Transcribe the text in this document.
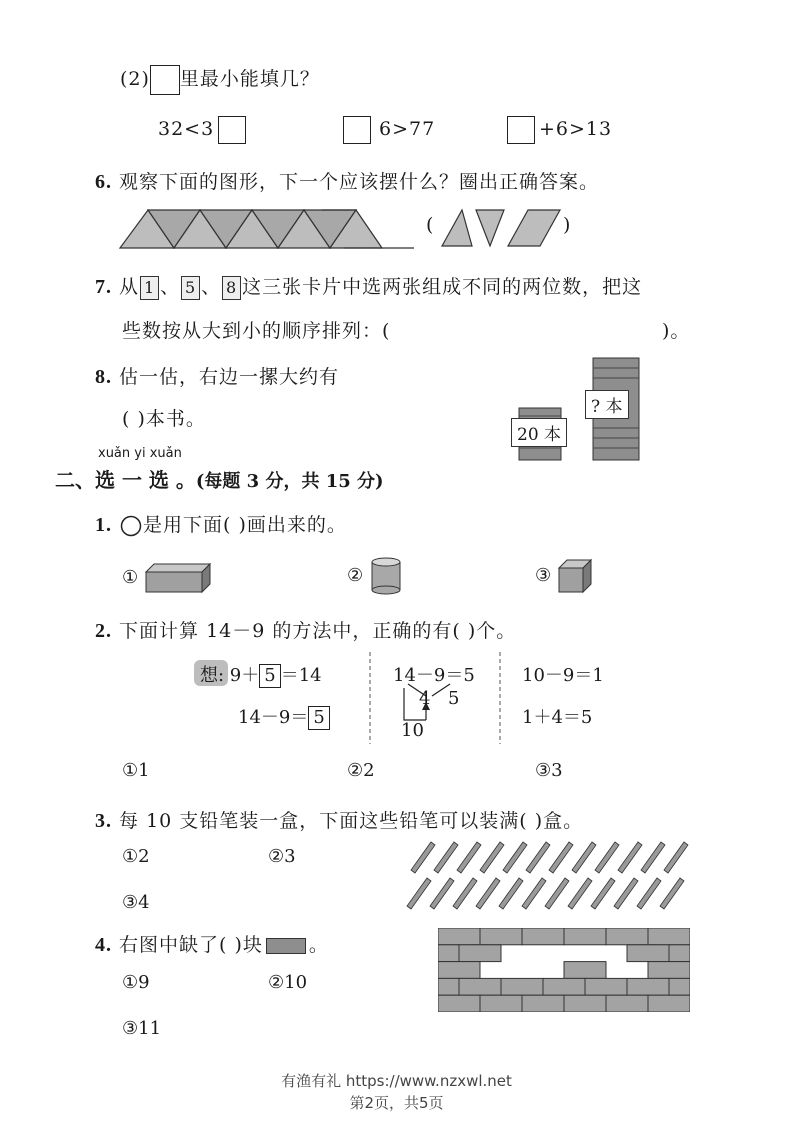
(2) 里最小能填几？
32<3	6>77	+6>13
6. 观察下面的图形，下一个应该摆什么？圈出正确答案。
(	)
7. 从 1 、 5 、 8 这三张卡片中选两张组成不同的两位数，把这
些数按从大到小的顺序排列：(	)。
8. 估一估，右边一摞大约有
( )本书。
20 本
? 本
xuǎn yi xuǎn
二、选 一 选 。(每题 3 分，共 15 分)
1. 是用下面( )画出来的。
①	②	③
2. 下面计算 14－9 的方法中，正确的有( )个。
想: 9＋ 5 ＝14
14－9＝ 5
14－9＝5
4 5
10
10－9＝1
1＋4＝5
①1	②2	③3
3. 每 10 支铅笔装一盒，下面这些铅笔可以装满( )盒。
①2	②3
③4
4. 右图中缺了( )块 。
①9	②10
③11
有渔有礼 https://www.nzxwl.net
第2页，共5页
